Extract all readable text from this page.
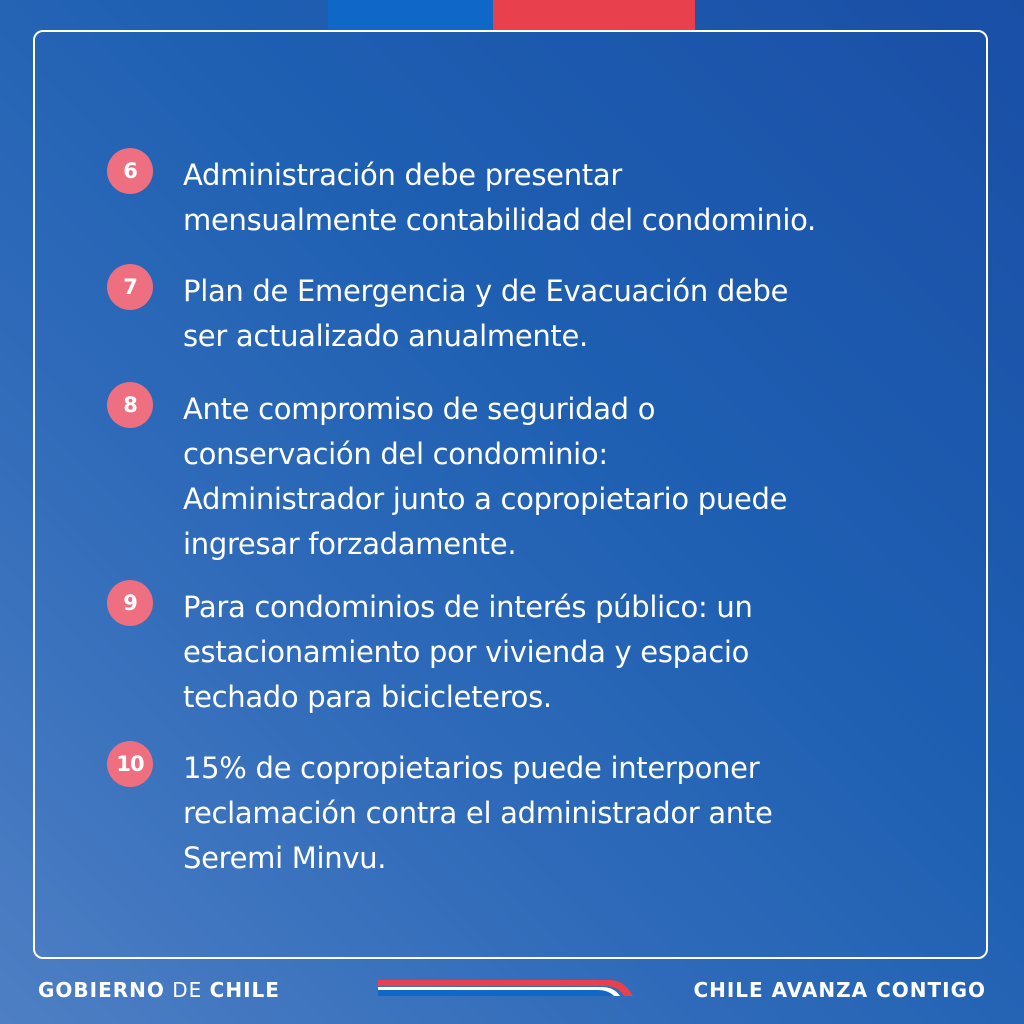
6	Administración debe presentar
mensualmente contabilidad del condominio.
7	Plan de Emergencia y de Evacuación debe
ser actualizado anualmente.
8	Ante compromiso de seguridad o
conservación del condominio:
Administrador junto a copropietario puede
ingresar forzadamente.
9	Para condominios de interés público: un
estacionamiento por vivienda y espacio
techado para bicicleteros.
10	15% de copropietarios puede interponer
reclamación contra el administrador ante
Seremi Minvu.
GOBIERNO DE CHILE	CHILE AVANZA CONTIGO
